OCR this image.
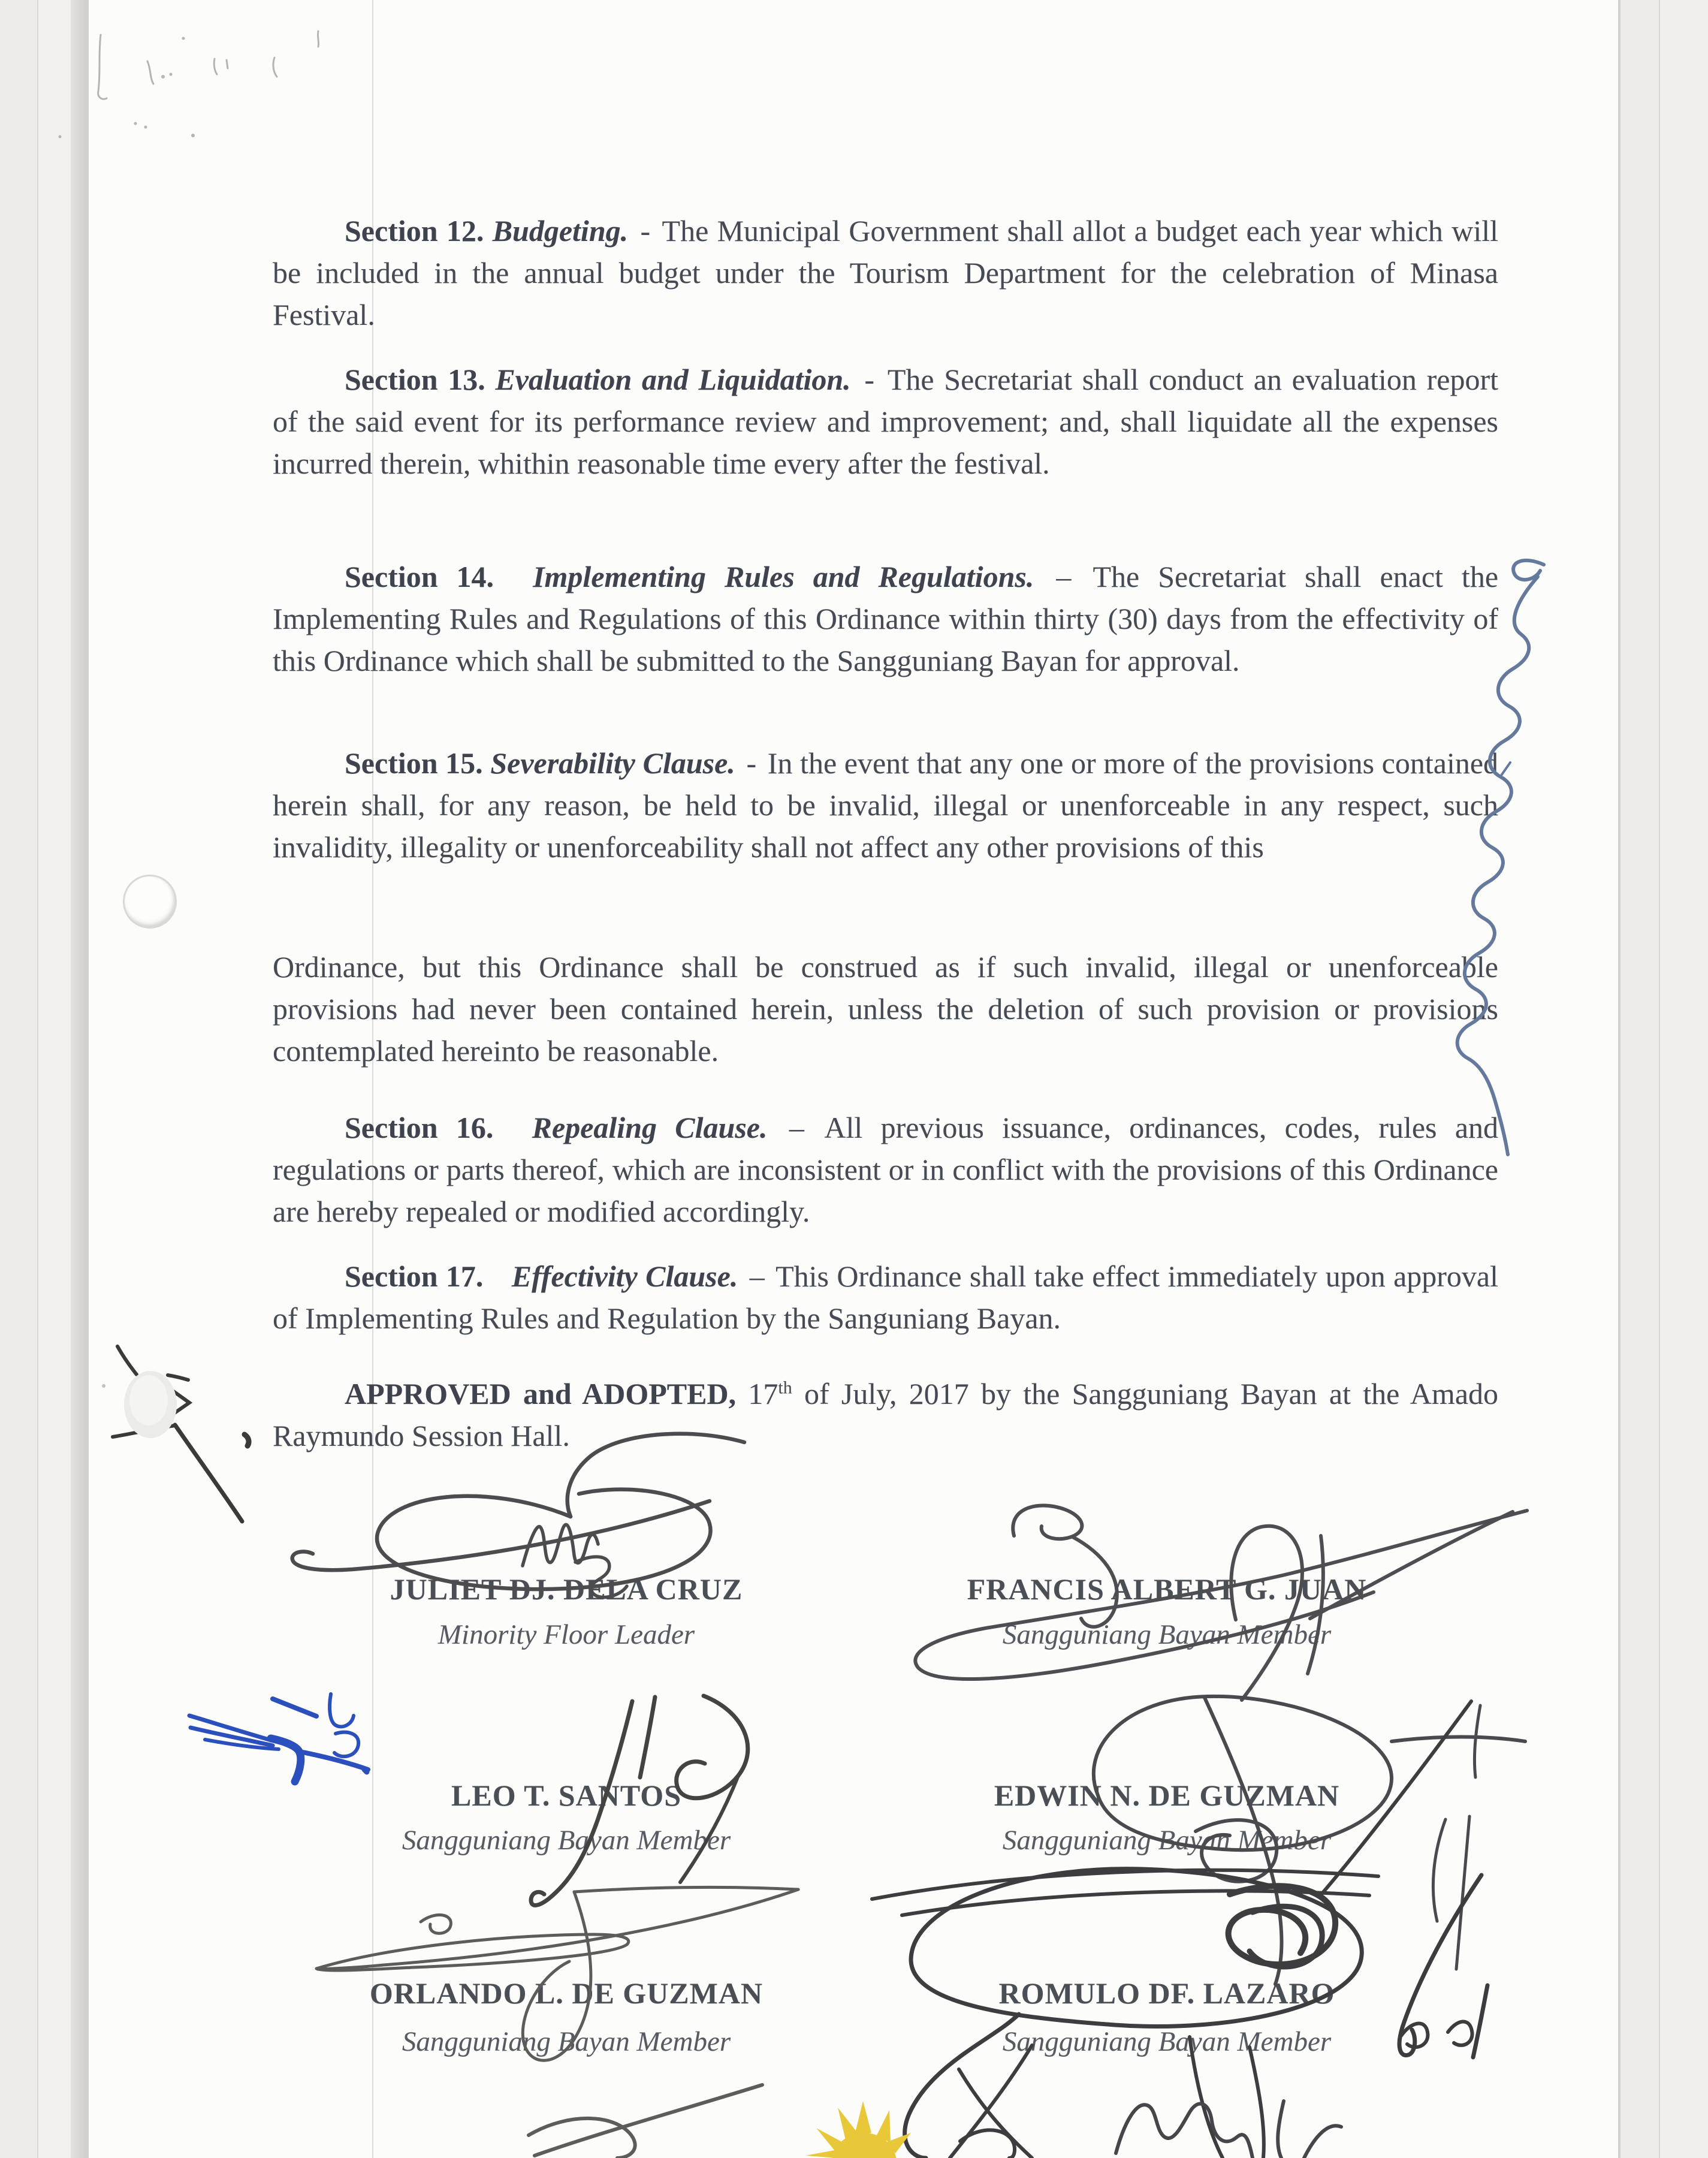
Section 12. Budgeting. - The Municipal Government shall allot a budget each year which will be included in the annual budget under the Tourism Department for the celebration of Minasa Festival.

Section 13. Evaluation and Liquidation. - The Secretariat shall conduct an evaluation report of the said event for its performance review and improvement; and, shall liquidate all the expenses incurred therein, whithin reasonable time every after the festival.

Section 14. Implementing Rules and Regulations. – The Secretariat shall enact the Implementing Rules and Regulations of this Ordinance within thirty (30) days from the effectivity of this Ordinance which shall be submitted to the Sangguniang Bayan for approval.

Section 15. Severability Clause. - In the event that any one or more of the provisions contained herein shall, for any reason, be held to be invalid, illegal or unenforceable in any respect, such invalidity, illegality or unenforceability shall not affect any other provisions of this

Ordinance, but this Ordinance shall be construed as if such invalid, illegal or unenforceable provisions had never been contained herein, unless the deletion of such provision or provisions contemplated hereinto be reasonable.

Section 16. Repealing Clause. – All previous issuance, ordinances, codes, rules and regulations or parts thereof, which are inconsistent or in conflict with the provisions of this Ordinance are hereby repealed or modified accordingly.

Section 17. Effectivity Clause. – This Ordinance shall take effect immediately upon approval of Implementing Rules and Regulation by the Sanguniang Bayan.

APPROVED and ADOPTED, 17th of July, 2017 by the Sangguniang Bayan at the Amado Raymundo Session Hall.

JULIET DJ. DELA CRUZ
Minority Floor Leader
FRANCIS ALBERT G. JUAN
Sangguniang Bayan Member
LEO T. SANTOS
Sangguniang Bayan Member
EDWIN N. DE GUZMAN
Sangguniang Bayan Member
ORLANDO L. DE GUZMAN
Sangguniang Bayan Member
ROMULO DF. LAZARO
Sangguniang Bayan Member
